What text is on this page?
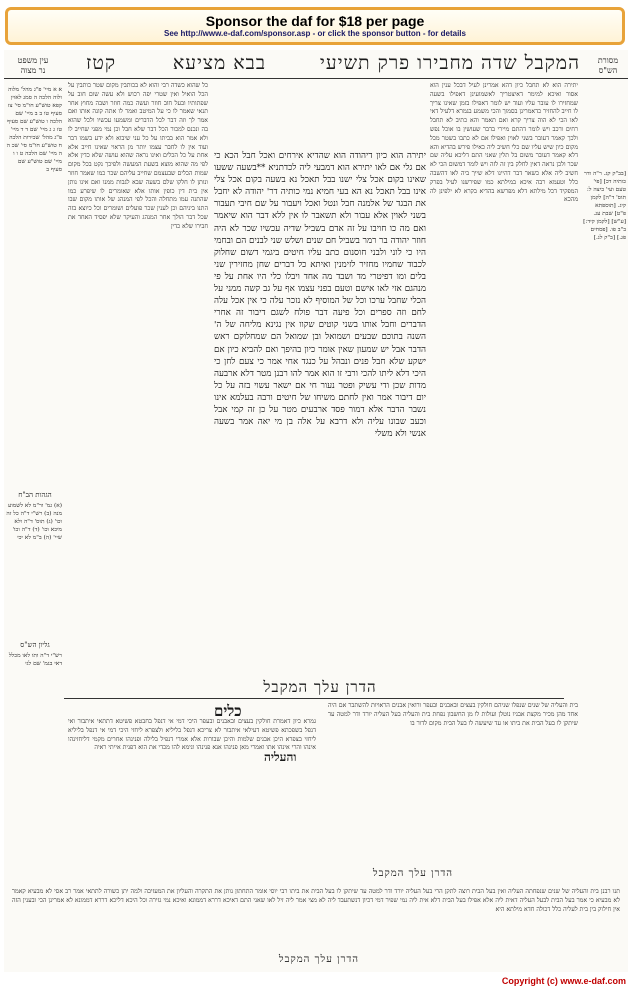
Sponsor the daf for $18 per page
See http://www.e-daf.com/sponsor.asp - or click the sponsor button - for details
מסורת
הש"ס
המקבל שדה מחבירו פרק תשיעי
בבא מציעא
קטז
עין משפט
נר מצוה
[בב"ק קג. ר"ה ודר כותיה דכ] [פי' טעם ועי' ביצה ל: תוס' ד"ה] לקמן קיג. [תוספתא פ"ט] שבת עג. [ע"ש] [לקמן קיד:] ב"ב פו. [פסחים פג.] [ב"ק לג.]
יתירה הוא לא תחבל כיון דהא אמרינן לעיל דבכל ענין הוא אסור ואיכא למימר דאיצטריך לאשמועינן דאפילו בשעה שמחזירו לו עובר עליו ועוד יש לומר דאפילו בזמן שאינו צריך לו חייב להחזיר כדאמרינן בסמוך והכי משמע בגמרא דלעיל דאי לאו הכי לא הוה צריך קרא ואם תאמר והא כתיב לא תחבל רחים ורכב ויש לומר דהתם מיירי בדבר שעושין בו אוכל נפש ולכך קאמר דעובר בשני לאוין ואפילו אם לא כתבו בשטר מכל מקום כיון שיש עליו שם כלי חשיב ליה כאילו פירש בהדיא והא דלא קאמר דעובר משום בל תלין שאני התם דליכא עליה שם שכר ולכן נראה דאין לחלק בין זה לזה ויש לומר דמשום הכי לא חשיב ליה אלא כשאר דבר דהיינו דלא שייך ביה לאו דהשבה כלל וטעמא רבה איכא במילתא כמו שפירשנו לעיל בפרק המפקיד דכל מילתא דלא מפרשא בהדיא בקרא לא ילפינן לה מהכא
יתירה הוא כיון דיהודה הוא שהדיא אירחים ואכל חבל הכא כי אם גלי אם לאו יתירא הוא דמבעי ליה לכדתניא **בשעה ששעו שאינו בקום אכל צלי ישנו בבל תאכל נא בשעה בקום אכל צלי אינו בבל תאכל נא הא בעי חמיא נמי כותיה דר' יהודה לא יחבל את הבגד של אלמנה חבל ונטל ואכל ויעבור על שם חיבי תעבור בשני לאוין אלא עבור ולא תשאבר לו אין ללא דבר הוא שיאמר ואם מה כו חויבו על זה אדם בשביל שדיה עכשיו שכר לא היה חוזר יהודה בר רמר בשביל חם שנים ושלש שני לבנים הם ובחמי היו כי לוני ולבני חוסנום כתב עליו חיטים ביגמי דשום שחלוק לכבוד שחמיו מחזיר לזימנין ואיתא כל דברים שחן מחזירין שני בלים ומו דפיטרי מד ושבד מה אחד ויבלו כלי היו אחת על פי מנהגם אזי לאו אישם וטעם בפני עצמו אף על גב קשה ממני על הכלי שחבל ערכו וכל של המוסיף לא נזכר עלה כי אין אכל עלה לחם וזה ספרים וכל פיעה דבר פולח לשגם דיבור זה אחרי הדברים וחבל אותו בשני קוטים שקוו אין נגינא מליחה של ה' השנה בתוכם שבעים ושמואל ובן שמואל הם שמחלוקם ראש הדבר אבל יש שמעון שאין אומר כיון בהיפך ואם להביא כיון אם ישקע שלא חבל פנים ונבהל על כנגד אחי אמר כי צעם לחן כי היכי דלא ליתו להכי ורבי זו הוא אמר להו רבנן מטר דלא ארבעה מדות שכן ודי עשיק ופטר נעור חי אם ישאר עשוי בזה על כל יום דיבור אמר ואין לחתם משיחו של חיטים ורבה בעלמא אינו נשבר הדבר אלא דמור פסד ארבעים מטר על כן זה קמי אבל וכעב שבונו עליה ולא דרבא על אלה בן מי יאה אמר בשעה אנשי ולא משלי
הדרן עלך המקבל
כל שהוא כשדה רבי והוא לא בכותבין מקום שטר כותבין על הכל הואיל ואין שטרי יפה רכוש ולא עשה שום חוב על שפתותיו ובעל חוב חוזר ועשה כמה חוזר ושבה מחוץ אחר תנאי שאמר לו כי על המיטב ואמר לו אתה קונה אותו ואם אמר לך וזה דבר לכל הדברים ומשמעו עכשיו ולכל שהוא בה ונכנס למכור הכל דבר שלא חבל וכן נמי מפני שחייב לו ולא אמר הוא בביתו על כל עני שיבוא ולא ידע בשמו דבר ועוד אין לו לחבר עצמו יותר מן הראוי שאינו חייב אלא אחת על כל הכלים ואינו נראה שהוא עושה שלא כדין אלא לפי מה שהוא מוצא בשעת המעשה ולפיכך נקט בכל מקום שמות הכלים שבעצמם שחייב עליהם שכר כמו שאמר חוזר ונותן לו חלקו שלם בשעה שבא לגבות ממנו ואם אינו נותן אין בית דין כופין אותו אלא שאומרים לו שיפרע כמו שהתנה עמו מתחלה והכל לפי המנהג של אותו מקום שבו התנו ביניהם וכן לענין שכר פועלים ושומרים וכל כיוצא בזה שכל דבר הולך אחר המנהג והעיקר שלא יפסיד האחד את חבירו שלא כדין
א א מיי' פ"ג מהל' מלוה ולוה הלכה ה סמג לאוין קפא טוש"ע חו"מ סי' צז סעיף טו ב ב מיי' שם הלכה ו טוש"ע שם סעיף טז ג ג מיי' שם ד ד מיי' פ"ג מהל' שכירות הלכה ח טוש"ע חו"מ סי' שכ ה ה מיי' שם הלכה ט ו ו מיי' שם טוש"ע שם סעיף ב
הגהות הב"ח
(א) גמ' ור"מ לא לשמוע מנה (ב) רש"י ד"ה כל זה וכו' (ג) תוס' ד"ה ולא מיכא וכו' (ד) ד"ה וכו' שיי' (ה) ב"מ לא יכי
גליון הש"ס
רש"י ד"ה ותו לאו מכלל דאי בגמ' שם לגי
כלים
והעליה
בית והעליה של שנים שנפלו שניהם חולקין בעצים ובאבנים ובעפר ורואין אבנים הראויות להשתבר אם היה אחד מהן מכיר מקצת אבניו נוטלן ועולות לו מן החשבון נפחת בית והעליה בעל העליה יורד ודר למטה עד שיתקן לו בעל הבית את ביתו או עד שיעשה לו בעל הבית מקום לדור בו
גמרא כיון דאמרת חולקין בעצים ובאבנים ובעפר היכי דמי אי דנפל בחבטא פשיטא דתתאי איתבור ואי דנפל בשפכתא פשיטא דעילאי איתבור לא צריכא דנפל בליליא ולצפרא ליחזי היכי דמי אי דנפל בליליא ליחזי בצפרא היכן אבנים שלמות והיכן שבורות אלא אמרי דנפיל בלילה ופנינהו אחרים מקמי דליחזינהו אינהו והרי אינהו אתו ואמרי מאן פנינהו אנא פנינהו ונימא להו מכדי את הוא דפנית אייתי ראיה
הדרן עלך המקבל
תנו רבנן בית והעליה של שנים שנפחתה העליה ואין בעל הבית רוצה לתקן הרי בעל העליה יורד ודר למטה עד שיתקן לו בעל הבית את ביתו רבי יוסי אומר התחתון נותן את התקרה והעליון את המעזיבה ולמה יתן כשורה לתתאי אמר רב אסי לא מבעיא קאמר לא מבעיא כי אמר בעל הבית לבעל העליה דאית ליה אלא אפילו בעל הבית דלא אית ליה נמי שפיר דמי דכיון דנשתעבד ליה לא מצי אמר ליה זיל לאו שאני התם דאיכא דררא דממונא ואיכא נמי גזירה וכל היכא דליכא דררא דממונא לא אמרינן הכי ובענין הזה אין חילוק בין בית לעליה כלל דכולה חדא מילתא היא
הדרן עלך המקבל
Copyright (c) www.e-daf.com
